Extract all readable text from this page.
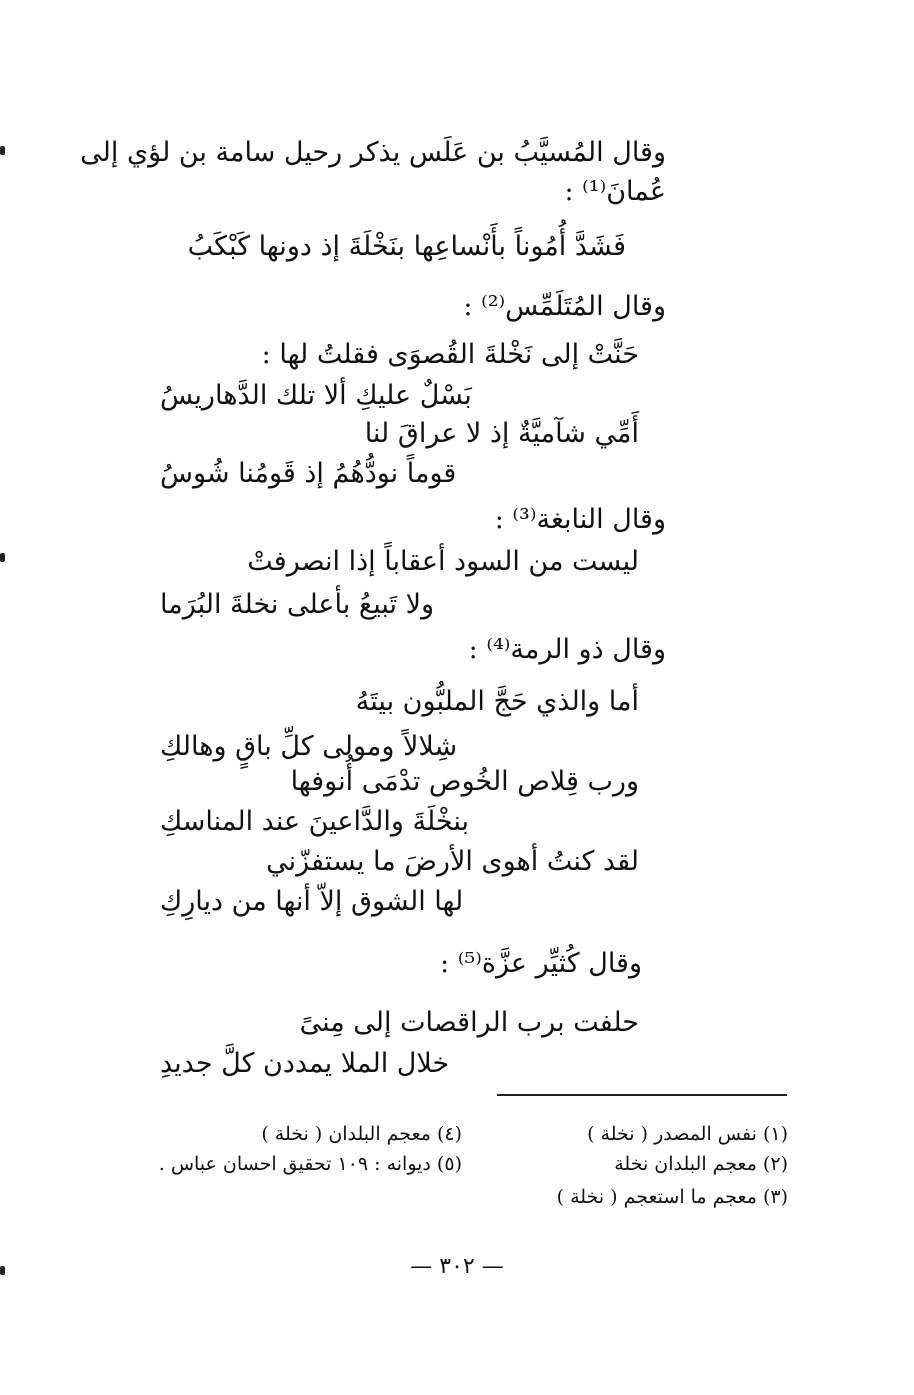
وقال المُسيَّبُ بن عَلَس يذكر رحيل سامة بن لؤي إلى
عُمانَ⁽¹⁾ :
فَشَدَّ أُمُوناً بأَنْساعِها بنَخْلَةَ إذ دونها كَبْكَبُ
وقال المُتَلَمِّس⁽²⁾ :
حَنَّتْ إلى نَخْلةَ القُصوَى فقلتُ لها :
بَسْلٌ عليكِ ألا تلك الدَّهاريسُ
أَمِّي شآميَّةٌ إذ لا عراقَ لنا
قوماً نودُّهُمُ إذ قَومُنا شُوسُ
وقال النابغة⁽³⁾ :
ليست من السود أعقاباً إذا انصرفتْ
ولا تَبيعُ بأعلى نخلةَ البُرَما
وقال ذو الرمة⁽⁴⁾ :
أما والذي حَجَّ الملبُّون بيتَهُ
شِلالاً ومولى كلِّ باقٍ وهالكِ
ورب قِلاص الخُوص تدْمَى أُنوفها
بنخْلَةَ والدَّاعينَ عند المناسكِ
لقد كنتُ أهوى الأرضَ ما يستفزّني
لها الشوق إلاّ أنها من ديارِكِ
وقال كُثيِّر عزَّة⁽⁵⁾ :
حلفت برب الراقصات إلى مِنىً
خلال الملا يمددن كلَّ جديدِ
(١) نفس المصدر ( نخلة )
(٢) معجم البلدان نخلة
(٣) معجم ما استعجم ( نخلة )
(٤) معجم البلدان ( نخلة )
(٥) ديوانه : ١٠٩ تحقيق احسان عباس .
— ٣٠٢ —
